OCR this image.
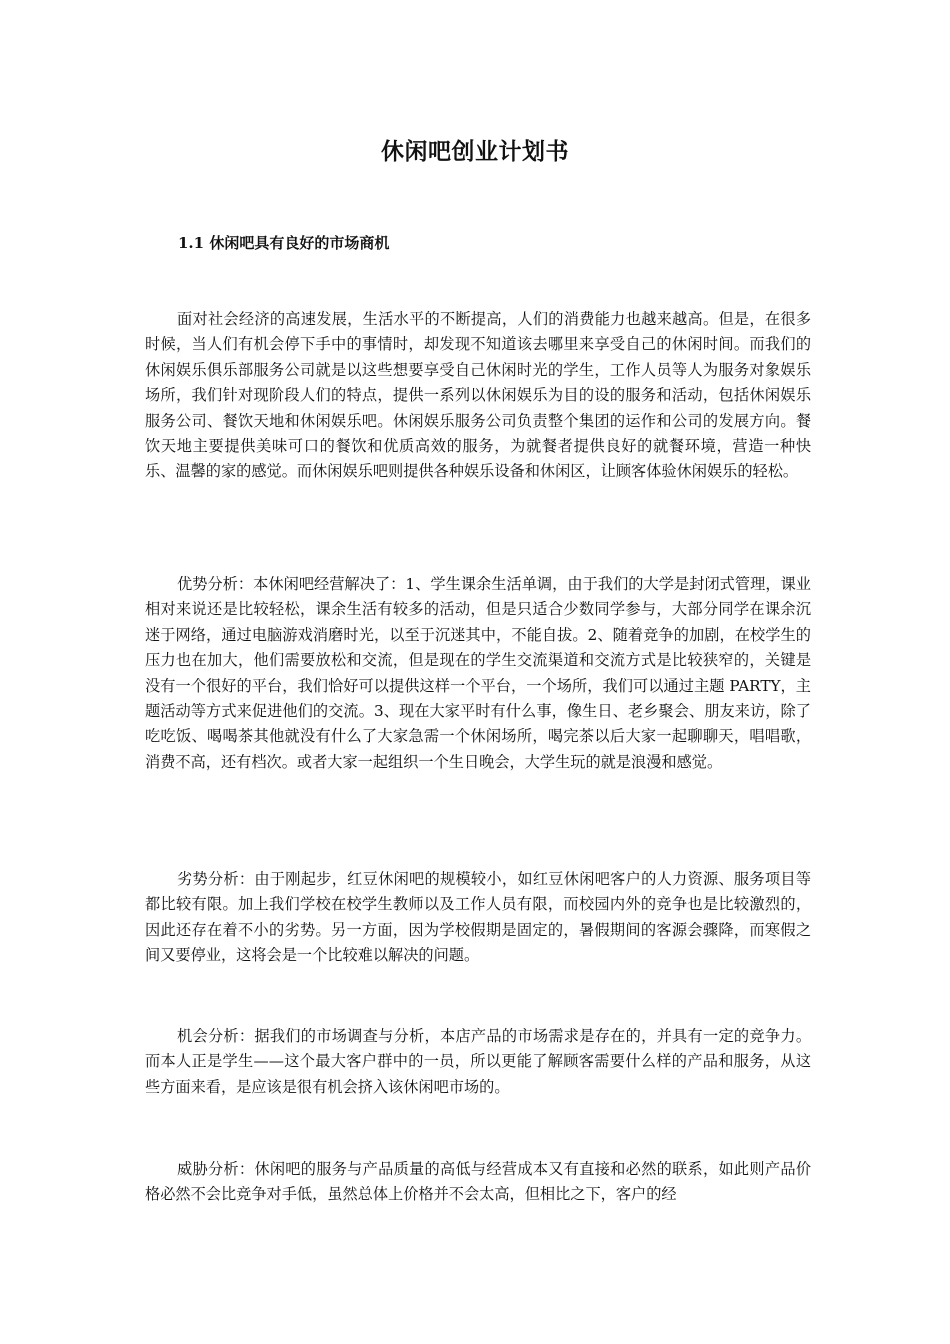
休闲吧创业计划书
1.1 休闲吧具有良好的市场商机

面对社会经济的高速发展，生活水平的不断提高，人们的消费能力也越来越高。但是，在很多时候，当人们有机会停下手中的事情时，却发现不知道该去哪里来享受自己的休闲时间。而我们的休闲娱乐俱乐部服务公司就是以这些想要享受自己休闲时光的学生，工作人员等人为服务对象娱乐场所，我们针对现阶段人们的特点，提供一系列以休闲娱乐为目的设的服务和活动，包括休闲娱乐服务公司、餐饮天地和休闲娱乐吧。休闲娱乐服务公司负责整个集团的运作和公司的发展方向。餐饮天地主要提供美味可口的餐饮和优质高效的服务，为就餐者提供良好的就餐环境，营造一种快乐、温馨的家的感觉。而休闲娱乐吧则提供各种娱乐设备和休闲区，让顾客体验休闲娱乐的轻松。

优势分析：本休闲吧经营解决了：1、学生课余生活单调，由于我们的大学是封闭式管理，课业相对来说还是比较轻松，课余生活有较多的活动，但是只适合少数同学参与，大部分同学在课余沉迷于网络，通过电脑游戏消磨时光，以至于沉迷其中，不能自拔。2、随着竞争的加剧，在校学生的压力也在加大，他们需要放松和交流，但是现在的学生交流渠道和交流方式是比较狭窄的，关键是没有一个很好的平台，我们恰好可以提供这样一个平台，一个场所，我们可以通过主题 PARTY，主题活动等方式来促进他们的交流。3、现在大家平时有什么事，像生日、老乡聚会、朋友来访，除了吃吃饭、喝喝茶其他就没有什么了大家急需一个休闲场所，喝完茶以后大家一起聊聊天，唱唱歌，消费不高，还有档次。或者大家一起组织一个生日晚会，大学生玩的就是浪漫和感觉。

劣势分析：由于刚起步，红豆休闲吧的规模较小，如红豆休闲吧客户的人力资源、服务项目等都比较有限。加上我们学校在校学生教师以及工作人员有限，而校园内外的竞争也是比较激烈的，因此还存在着不小的劣势。另一方面，因为学校假期是固定的，暑假期间的客源会骤降，而寒假之间又要停业，这将会是一个比较难以解决的问题。

机会分析：据我们的市场调查与分析，本店产品的市场需求是存在的，并具有一定的竞争力。而本人正是学生——这个最大客户群中的一员，所以更能了解顾客需要什么样的产品和服务，从这些方面来看，是应该是很有机会挤入该休闲吧市场的。

威胁分析：休闲吧的服务与产品质量的高低与经营成本又有直接和必然的联系，如此则产品价格必然不会比竞争对手低，虽然总体上价格并不会太高，但相比之下，客户的经
